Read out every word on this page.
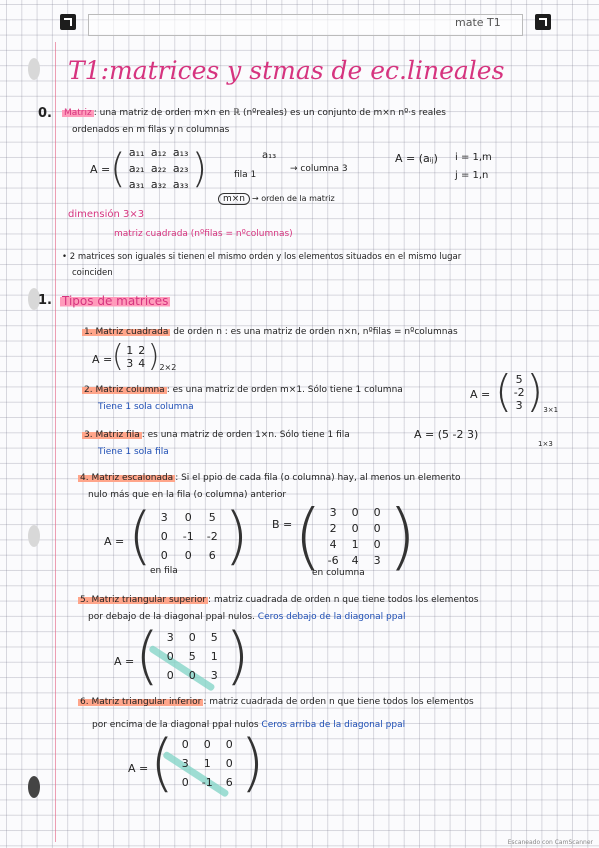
mate T1
T1:matrices y stmas de ec.lineales
0. Matriz : una matriz de orden m×n en ℝ (nºreales) es un conjunto de m×n nº·s reales
ordenados en m filas y n columnas
A = ( a₁₁ a₁₂ a₁₃
a₂₁ a₂₂ a₂₃
a₃₁ a₃₂ a₃₃ )	a₁₃
fila 1
→ columna 3
m×n → orden de la matriz
A = (aᵢⱼ) i = 1,m
j = 1,n
dimensión 3×3
matriz cuadrada (nºfilas = nºcolumnas)
• 2 matrices son iguales si tienen el mismo orden y los elementos situados en el mismo lugar
coinciden
1. Tipos de matrices
1. Matriz cuadrada de orden n : es una matriz de orden n×n, nºfilas = nºcolumnas
A = ( 1 2
3 4 ) 2×2
2. Matriz columna : es una matriz de orden m×1. Sólo tiene 1 columna
Tiene 1 sola columna
A = ( 5
-2
3 ) 3×1
3. Matriz fila : es una matriz de orden 1×n. Sólo tiene 1 fila	A = (5 -2 3)
1×3
Tiene 1 sola fila
4. Matriz escalonada : Si el ppio de cada fila (o columna) hay, al menos un elemento
nulo más que en la fila (o columna) anterior
A = ( 3	0	5
0	-1	-2
0	0	6 )
en fila
B = ( 3	0	0
2	0	0
4	1	0
-6	4	3 )
en columna
5. Matriz triangular superior : matriz cuadrada de orden n que tiene todos los elementos
por debajo de la diagonal ppal nulos. Ceros debajo de la diagonal ppal
A = ( 3	0	5
0	5	1
0	0	3 )
6. Matriz triangular inferior : matriz cuadrada de orden n que tiene todos los elementos
por encima de la diagonal ppal nulos Ceros arriba de la diagonal ppal
A = ( 0	0	0
3	1	0
0	-1	6 )
Escaneado con CamScanner
